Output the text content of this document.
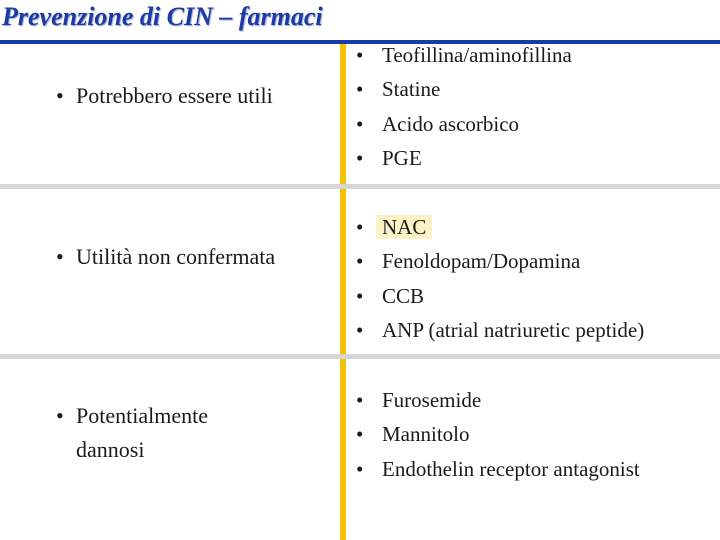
Prevenzione di CIN – farmaci
• Potrebbero essere utili
• Teofillina/aminofillina
• Statine
• Acido ascorbico
• PGE
• Utilità non confermata
• NAC
• Fenoldopam/Dopamina
• CCB
• ANP (atrial natriuretic peptide)
• Potentialmente
dannosi
• Furosemide
• Mannitolo
• Endothelin receptor antagonist
